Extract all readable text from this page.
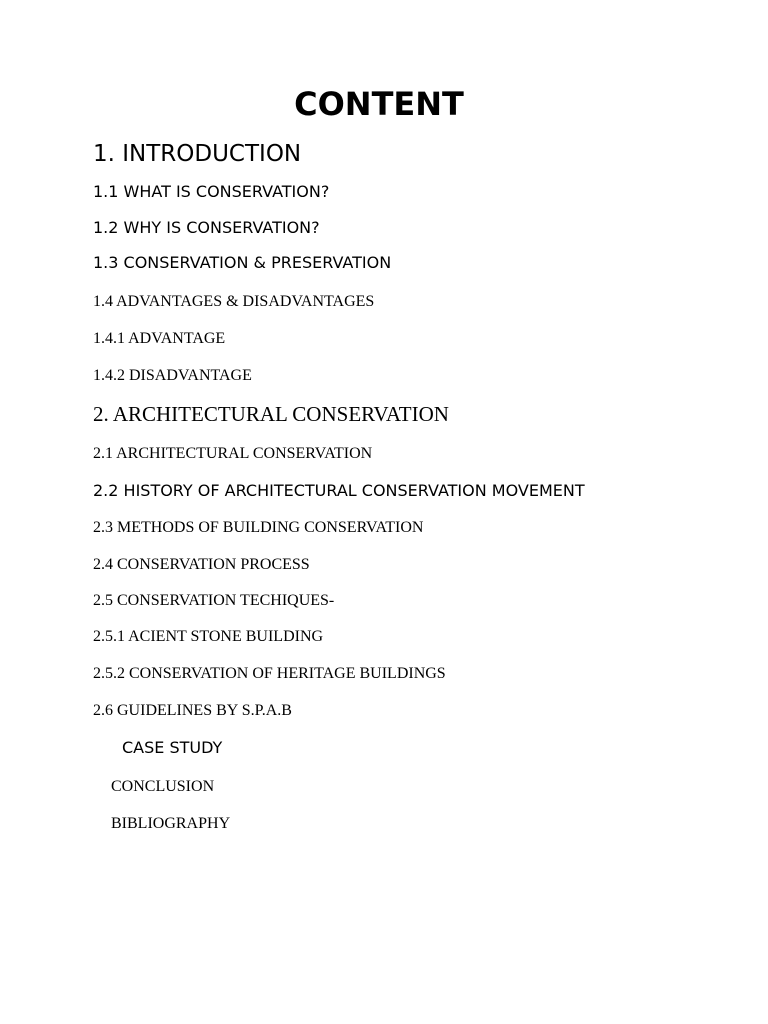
CONTENT

1. INTRODUCTION

1.1 WHAT IS CONSERVATION?

1.2 WHY IS CONSERVATION?

1.3 CONSERVATION & PRESERVATION

1.4 ADVANTAGES & DISADVANTAGES

1.4.1 ADVANTAGE

1.4.2 DISADVANTAGE

2. ARCHITECTURAL CONSERVATION

2.1 ARCHITECTURAL CONSERVATION

2.2 HISTORY OF ARCHITECTURAL CONSERVATION MOVEMENT

2.3 METHODS OF BUILDING CONSERVATION

2.4 CONSERVATION PROCESS

2.5 CONSERVATION TECHIQUES-

2.5.1 ACIENT STONE BUILDING

2.5.2 CONSERVATION OF HERITAGE BUILDINGS

2.6 GUIDELINES BY S.P.A.B

CASE STUDY

CONCLUSION

BIBLIOGRAPHY
